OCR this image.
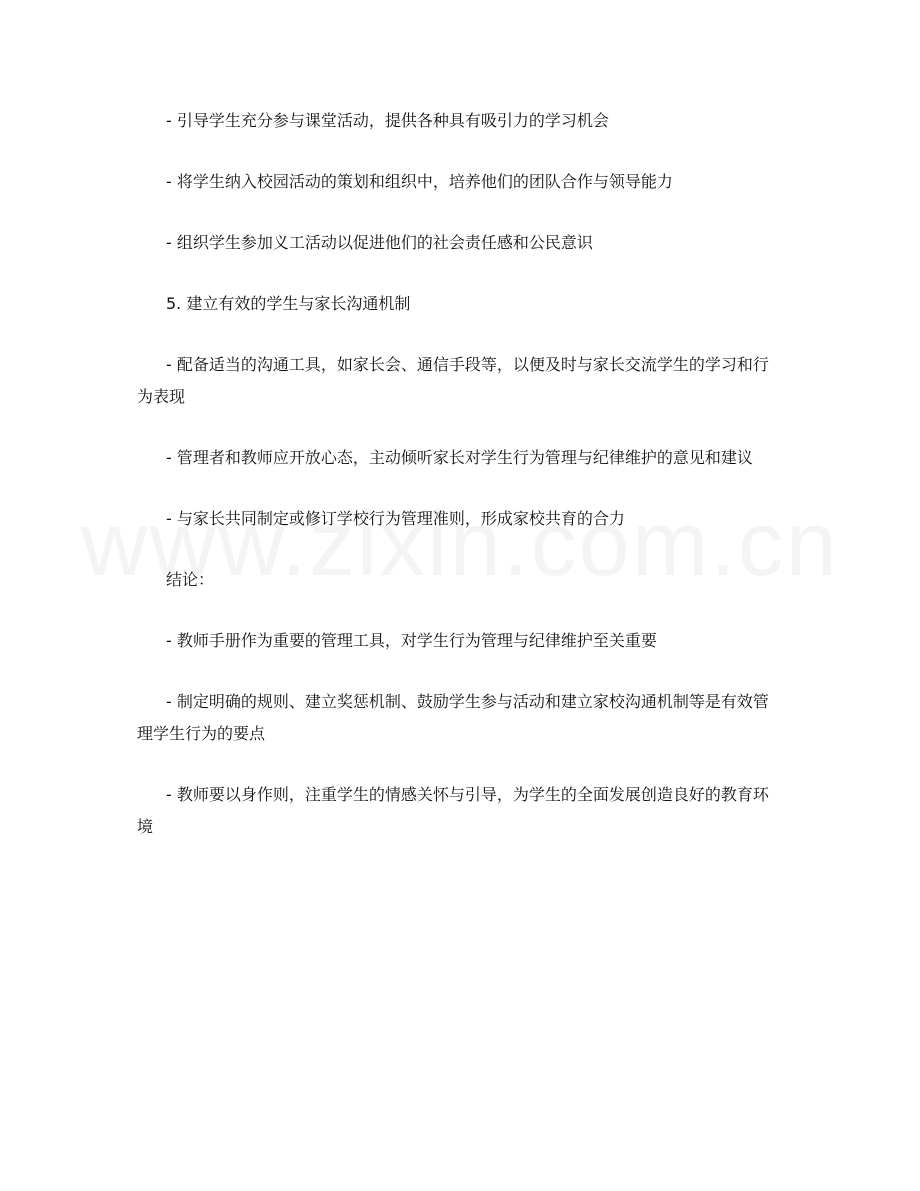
- 引导学生充分参与课堂活动，提供各种具有吸引力的学习机会

- 将学生纳入校园活动的策划和组织中，培养他们的团队合作与领导能力

- 组织学生参加义工活动以促进他们的社会责任感和公民意识

5. 建立有效的学生与家长沟通机制

- 配备适当的沟通工具，如家长会、通信手段等，以便及时与家长交流学生的学习和行为表现

- 管理者和教师应开放心态，主动倾听家长对学生行为管理与纪律维护的意见和建议

- 与家长共同制定或修订学校行为管理准则，形成家校共育的合力

结论：

- 教师手册作为重要的管理工具，对学生行为管理与纪律维护至关重要

- 制定明确的规则、建立奖惩机制、鼓励学生参与活动和建立家校沟通机制等是有效管理学生行为的要点

- 教师要以身作则，注重学生的情感关怀与引导，为学生的全面发展创造良好的教育环境
